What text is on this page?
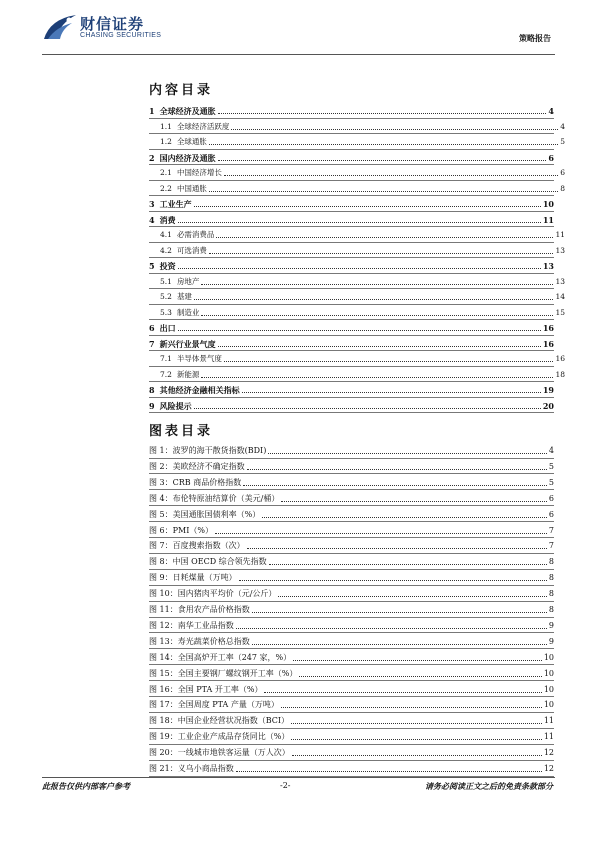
财信证券
CHASING SECURITIES	策略报告
内容目录
1 全球经济及通胀	4
1.1 全球经济活跃度	4
1.2 全球通胀	5
2 国内经济及通胀	6
2.1 中国经济增长	6
2.2 中国通胀	8
3 工业生产	10
4 消费	11
4.1 必需消费品	11
4.2 可选消费	13
5 投资	13
5.1 房地产	13
5.2 基建	14
5.3 制造业	15
6 出口	16
7 新兴行业景气度	16
7.1 半导体景气度	16
7.2 新能源	18
8 其他经济金融相关指标	19
9 风险提示	20
图表目录
图 1：波罗的海干散货指数(BDI)	4
图 2：美欧经济不确定指数	5
图 3：CRB 商品价格指数	5
图 4：布伦特原油结算价（美元/桶）	6
图 5：美国通胀国债利率（%）	6
图 6：PMI（%）	7
图 7：百度搜索指数（次）	7
图 8：中国 OECD 综合领先指数	8
图 9：日耗煤量（万吨）	8
图 10：国内猪肉平均价（元/公斤）	8
图 11：食用农产品价格指数	8
图 12：南华工业品指数	9
图 13：寿光蔬菜价格总指数	9
图 14：全国高炉开工率（247 家，%）	10
图 15：全国主要钢厂螺纹钢开工率（%）	10
图 16：全国 PTA 开工率（%）	10
图 17：全国周度 PTA 产量（万吨）	10
图 18：中国企业经营状况指数（BCI）	11
图 19：工业企业产成品存货同比（%）	11
图 20：一线城市地铁客运量（万人次）	12
图 21：义乌小商品指数	12
此报告仅供内部客户参考	-2-	请务必阅读正文之后的免责条款部分
